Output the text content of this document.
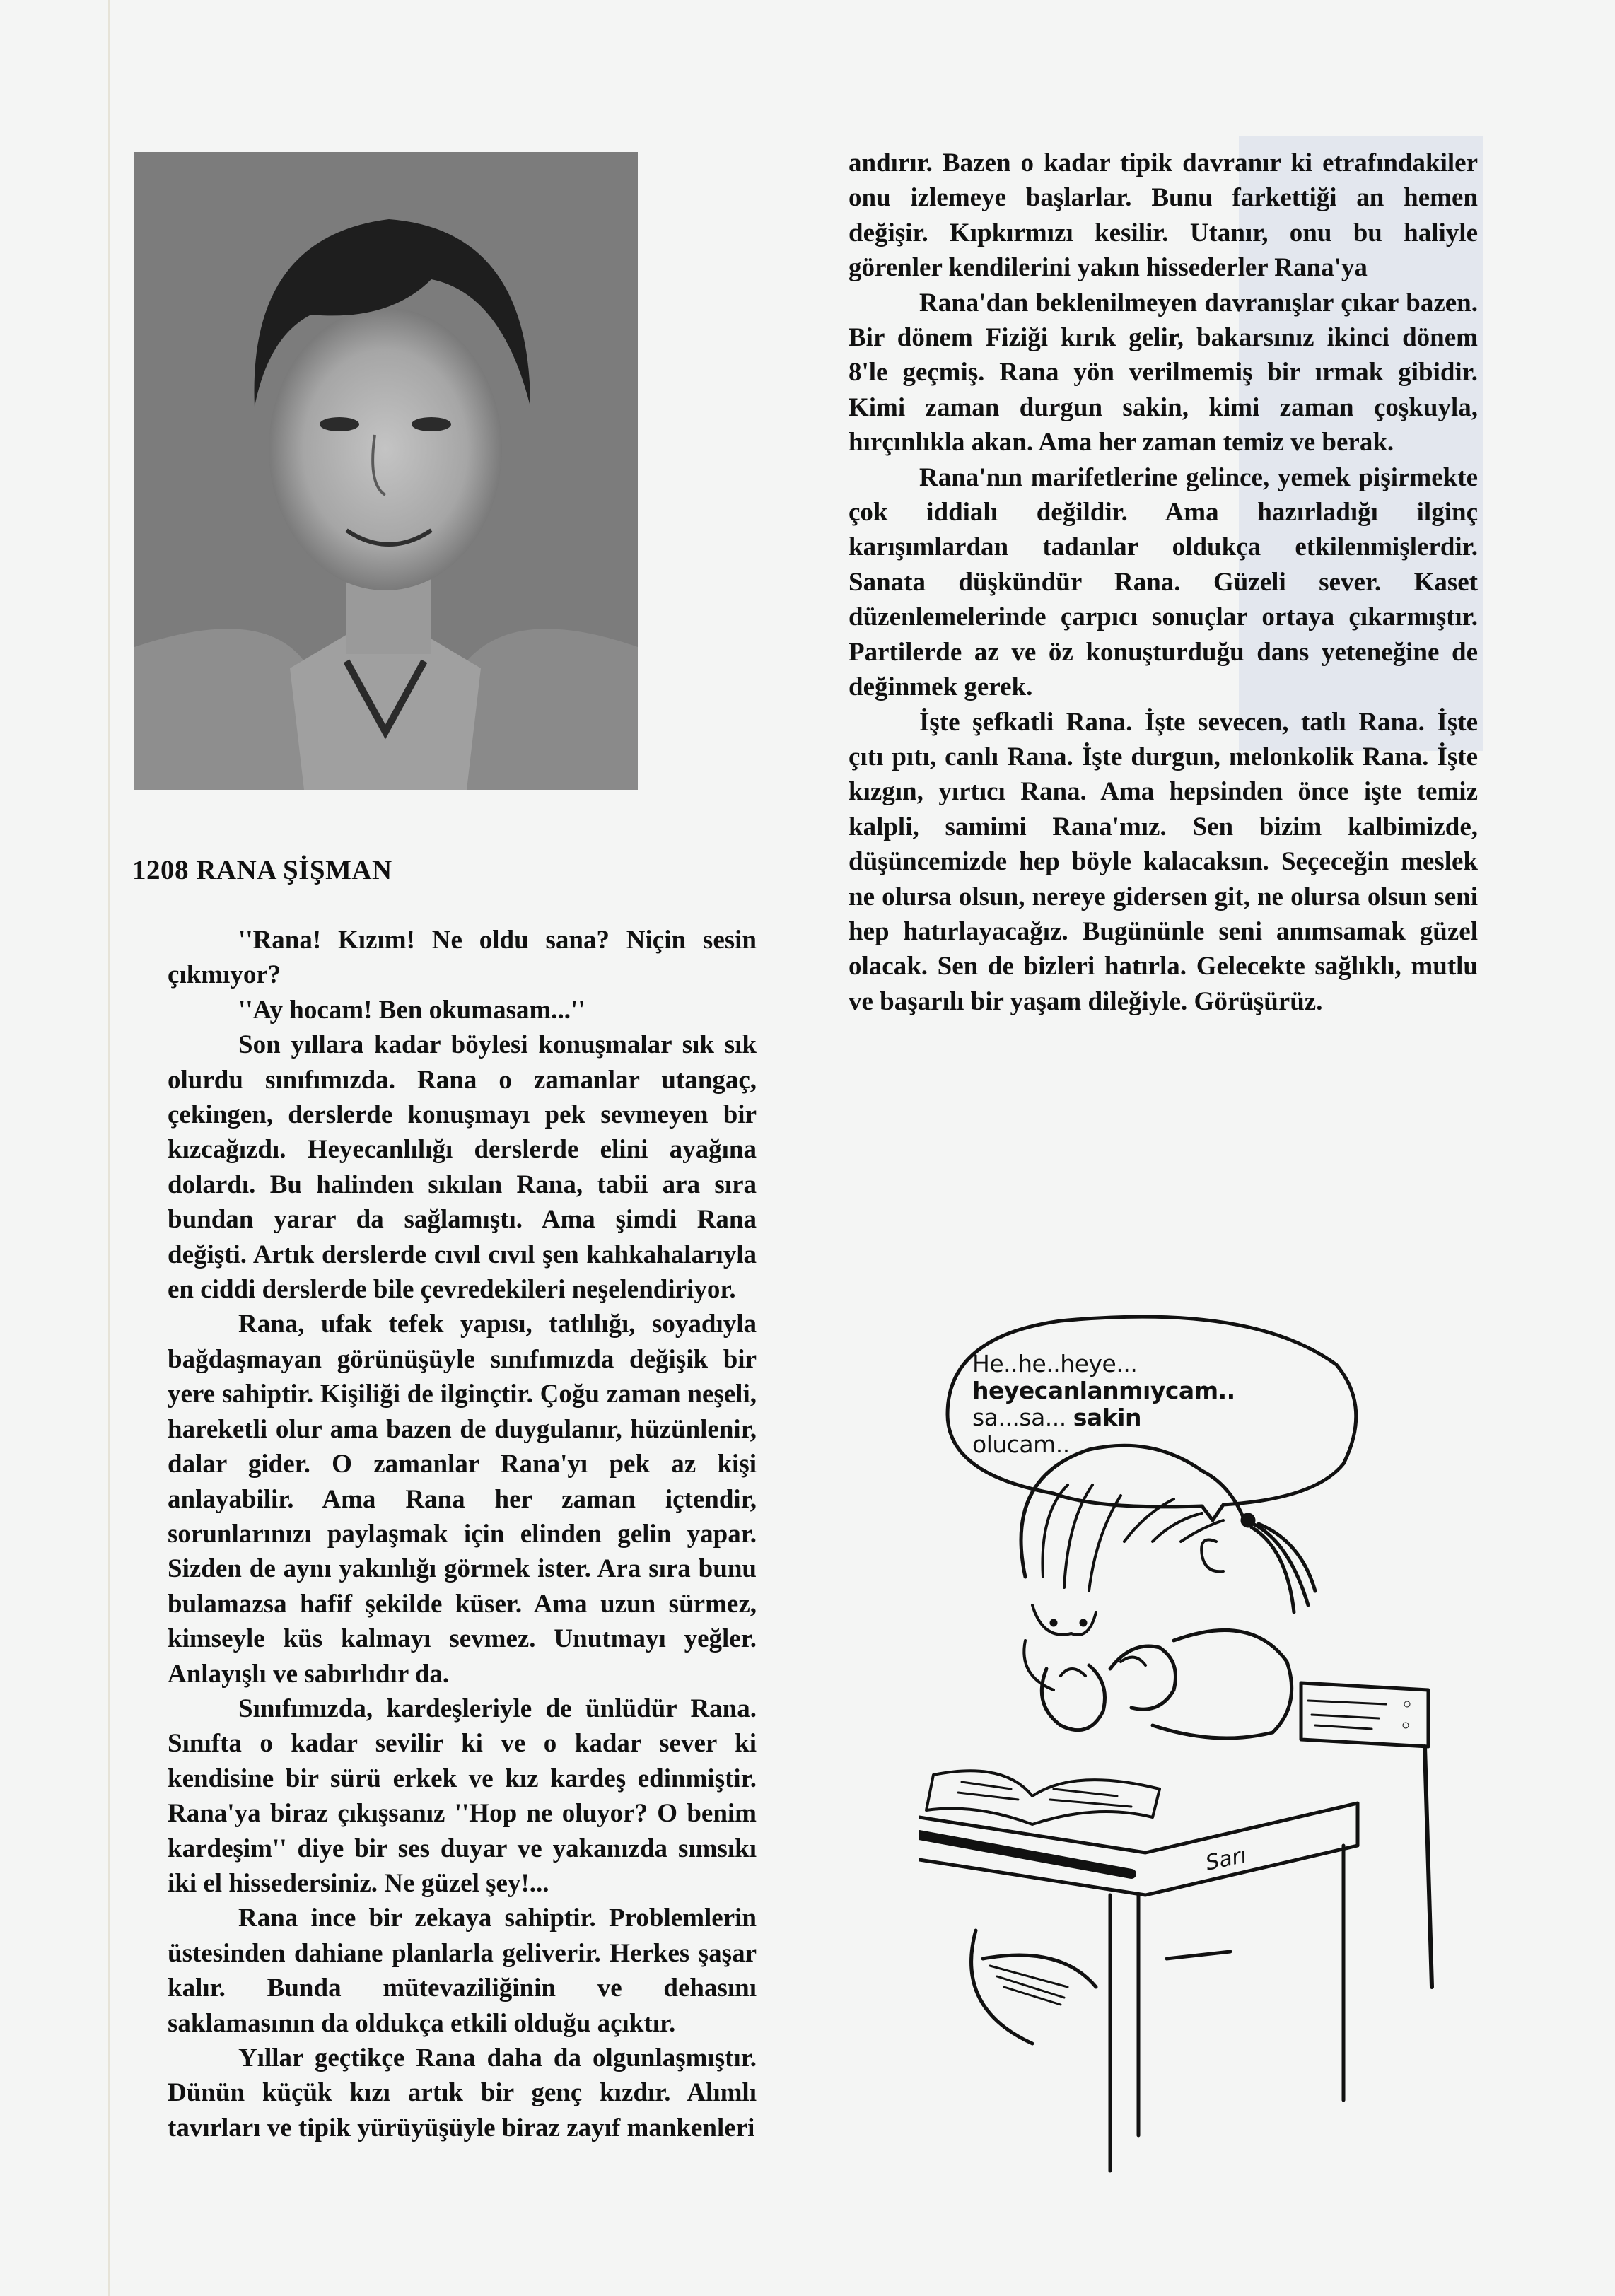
1208 RANA ŞİŞMAN

''Rana! Kızım! Ne oldu sana? Niçin sesin çıkmıyor?

''Ay hocam! Ben okumasam...''

Son yıllara kadar böylesi konuşmalar sık sık olurdu sınıfımızda. Rana o zamanlar utangaç, çekingen, derslerde konuşmayı pek sevmeyen bir kızcağızdı. Heyecanlılığı derslerde elini ayağına dolardı. Bu halinden sıkılan Rana, tabii ara sıra bundan yarar da sağlamıştı. Ama şimdi Rana değişti. Artık derslerde cıvıl cıvıl şen kahkahalarıyla en ciddi derslerde bile çevredekileri neşelendiriyor.

Rana, ufak tefek yapısı, tatlılığı, soyadıyla bağdaşmayan görünüşüyle sınıfımızda değişik bir yere sahiptir. Kişiliği de ilginçtir. Çoğu zaman neşeli, hareketli olur ama bazen de duygulanır, hüzünlenir, dalar gider. O zamanlar Rana'yı pek az kişi anlayabilir. Ama Rana her zaman içtendir, sorunlarınızı paylaşmak için elinden gelin yapar. Sizden de aynı yakınlığı görmek ister. Ara sıra bunu bulamazsa hafif şekilde küser. Ama uzun sürmez, kimseyle küs kalmayı sevmez. Unutmayı yeğler. Anlayışlı ve sabırlıdır da.

Sınıfımızda, kardeşleriyle de ünlüdür Rana. Sınıfta o kadar sevilir ki ve o kadar sever ki kendisine bir sürü erkek ve kız kardeş edinmiştir. Rana'ya biraz çıkışsanız ''Hop ne oluyor? O benim kardeşim'' diye bir ses duyar ve yakanızda sımsıkı iki el hissedersiniz. Ne güzel şey!...

Rana ince bir zekaya sahiptir. Problemlerin üstesinden dahiane planlarla geliverir. Herkes şaşar kalır. Bunda mütevaziliğinin ve dehasını saklamasının da oldukça etkili olduğu açıktır.

Yıllar geçtikçe Rana daha da olgunlaşmıştır. Dünün küçük kızı artık bir genç kızdır. Alımlı tavırları ve tipik yürüyüşüyle biraz zayıf mankenleri

andırır. Bazen o kadar tipik davranır ki etrafındakiler onu izlemeye başlarlar. Bunu farkettiği an hemen değişir. Kıpkırmızı kesilir. Utanır, onu bu haliyle görenler kendilerini yakın hissederler Rana'ya

Rana'dan beklenilmeyen davranışlar çıkar bazen. Bir dönem Fiziği kırık gelir, bakarsınız ikinci dönem 8'le geçmiş. Rana yön verilmemiş bir ırmak gibidir. Kimi zaman durgun sakin, kimi zaman çoşkuyla, hırçınlıkla akan. Ama her zaman temiz ve berak.

Rana'nın marifetlerine gelince, yemek pişirmekte çok iddialı değildir. Ama hazırladığı ilginç karışımlardan tadanlar oldukça etkilenmişlerdir. Sanata düşkündür Rana. Güzeli sever. Kaset düzenlemelerinde çarpıcı sonuçlar ortaya çıkarmıştır. Partilerde az ve öz konuşturduğu dans yeteneğine de değinmek gerek.

İşte şefkatli Rana. İşte sevecen, tatlı Rana. İşte çıtı pıtı, canlı Rana. İşte durgun, melonkolik Rana. İşte kızgın, yırtıcı Rana. Ama hepsinden önce işte temiz kalpli, samimi Rana'mız. Sen bizim kalbimizde, düşüncemizde hep böyle kalacaksın. Seçeceğin meslek ne olursa olsun, nereye gidersen git, ne olursa olsun seni hep hatırlayacağız. Bugününle seni anımsamak güzel olacak. Sen de bizleri hatırla. Gelecekte sağlıklı, mutlu ve başarılı bir yaşam dileğiyle. Görüşürüz.

He..he..heye...
heyecanlanmıycam..
sa...sa... sakin
olucam..
Sarı
